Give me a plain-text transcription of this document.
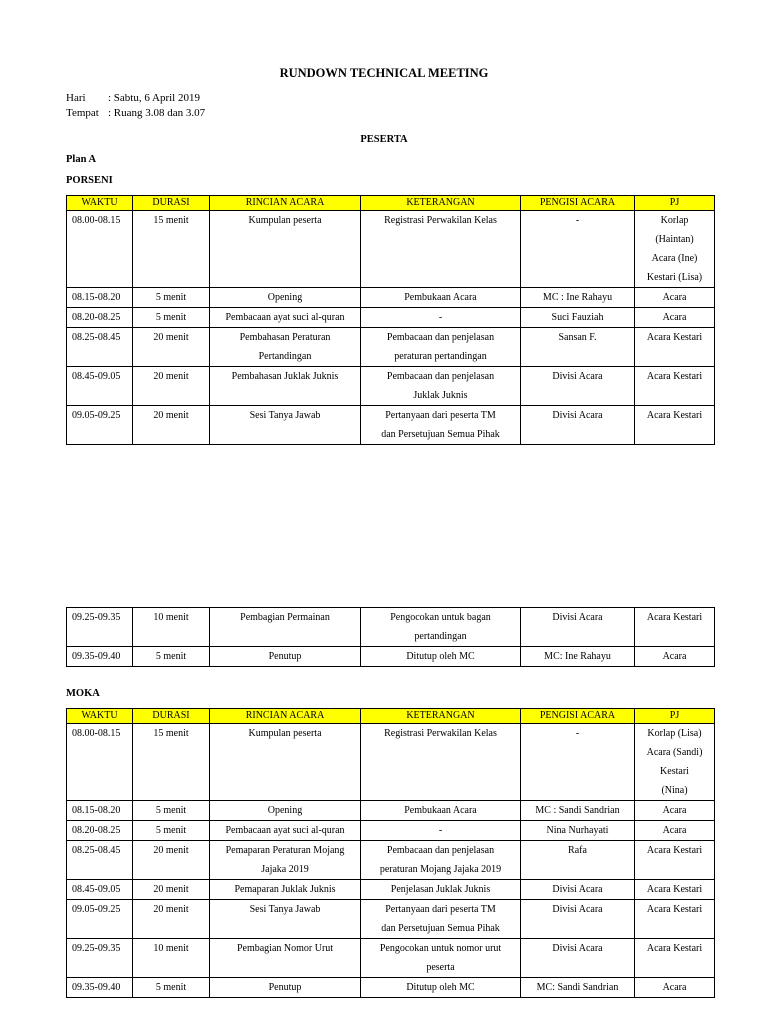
RUNDOWN TECHNICAL MEETING
Hari : Sabtu, 6 April 2019
Tempat : Ruang 3.08 dan 3.07
PESERTA
Plan A
PORSENI
WAKTU	DURASI	RINCIAN ACARA	KETERANGAN	PENGISI ACARA	PJ
08.00-08.15	15 menit	Kumpulan peserta	Registrasi Perwakilan Kelas	-	Korlap
(Haintan)
Acara (Ine)
Kestari (Lisa)
08.15-08.20	5 menit	Opening	Pembukaan Acara	MC : Ine Rahayu	Acara
08.20-08.25	5 menit	Pembacaan ayat suci al-quran	-	Suci Fauziah	Acara
08.25-08.45	20 menit	Pembahasan Peraturan
Pertandingan	Pembacaan dan penjelasan
peraturan pertandingan	Sansan F.	Acara Kestari
08.45-09.05	20 menit	Pembahasan Juklak Juknis	Pembacaan dan penjelasan
Juklak Juknis	Divisi Acara	Acara Kestari
09.05-09.25	20 menit	Sesi Tanya Jawab	Pertanyaan dari peserta TM
dan Persetujuan Semua Pihak	Divisi Acara	Acara Kestari
09.25-09.35	10 menit	Pembagian Permainan	Pengocokan untuk bagan
pertandingan	Divisi Acara	Acara Kestari
09.35-09.40	5 menit	Penutup	Ditutup oleh MC	MC: Ine Rahayu	Acara
MOKA
WAKTU	DURASI	RINCIAN ACARA	KETERANGAN	PENGISI ACARA	PJ
08.00-08.15	15 menit	Kumpulan peserta	Registrasi Perwakilan Kelas	-	Korlap (Lisa)
Acara (Sandi)
Kestari
(Nina)
08.15-08.20	5 menit	Opening	Pembukaan Acara	MC : Sandi Sandrian	Acara
08.20-08.25	5 menit	Pembacaan ayat suci al-quran	-	Nina Nurhayati	Acara
08.25-08.45	20 menit	Pemaparan Peraturan Mojang
Jajaka 2019	Pembacaan dan penjelasan
peraturan Mojang Jajaka 2019	Rafa	Acara Kestari
08.45-09.05	20 menit	Pemaparan Juklak Juknis	Penjelasan Juklak Juknis	Divisi Acara	Acara Kestari
09.05-09.25	20 menit	Sesi Tanya Jawab	Pertanyaan dari peserta TM
dan Persetujuan Semua Pihak	Divisi Acara	Acara Kestari
09.25-09.35	10 menit	Pembagian Nomor Urut	Pengocokan untuk nomor urut
peserta	Divisi Acara	Acara Kestari
09.35-09.40	5 menit	Penutup	Ditutup oleh MC	MC: Sandi Sandrian	Acara
